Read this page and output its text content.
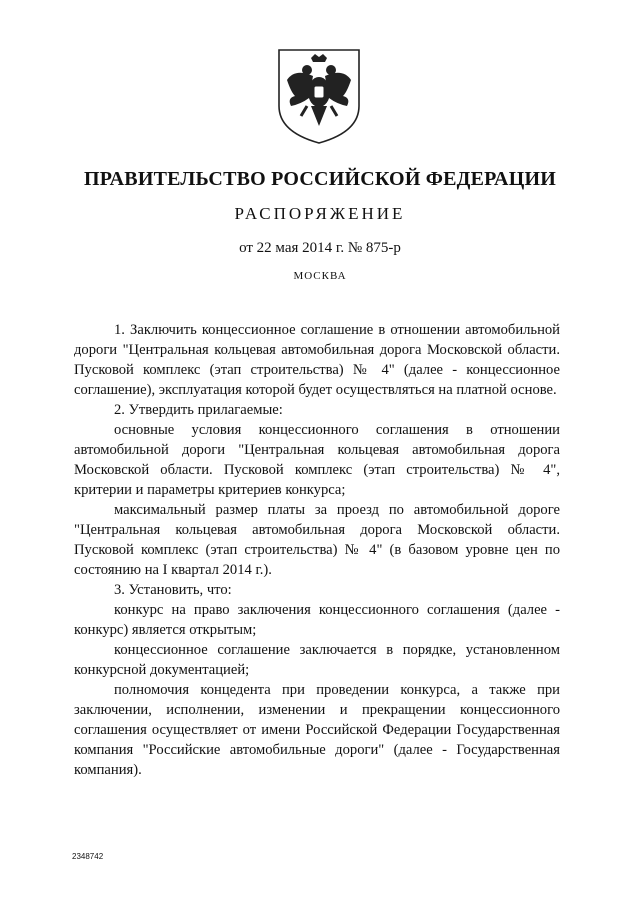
ПРАВИТЕЛЬСТВО РОССИЙСКОЙ ФЕДЕРАЦИИ
РАСПОРЯЖЕНИЕ
от 22 мая 2014 г. № 875-р
МОСКВА

1. Заключить концессионное соглашение в отношении автомобильной дороги "Центральная кольцевая автомобильная дорога Московской области. Пусковой комплекс (этап строительства) № 4" (далее - концессионное соглашение), эксплуатация которой будет осуществляться на платной основе.

2. Утвердить прилагаемые:

основные условия концессионного соглашения в отношении автомобильной дороги "Центральная кольцевая автомобильная дорога Московской области. Пусковой комплекс (этап строительства) № 4", критерии и параметры критериев конкурса;

максимальный размер платы за проезд по автомобильной дороге "Центральная кольцевая автомобильная дорога Московской области. Пусковой комплекс (этап строительства) № 4" (в базовом уровне цен по состоянию на I квартал 2014 г.).

3. Установить, что:

конкурс на право заключения концессионного соглашения (далее - конкурс) является открытым;

концессионное соглашение заключается в порядке, установленном конкурсной документацией;

полномочия концедента при проведении конкурса, а также при заключении, исполнении, изменении и прекращении концессионного соглашения осуществляет от имени Российской Федерации Государственная компания "Российские автомобильные дороги" (далее - Государственная компания).

2348742
